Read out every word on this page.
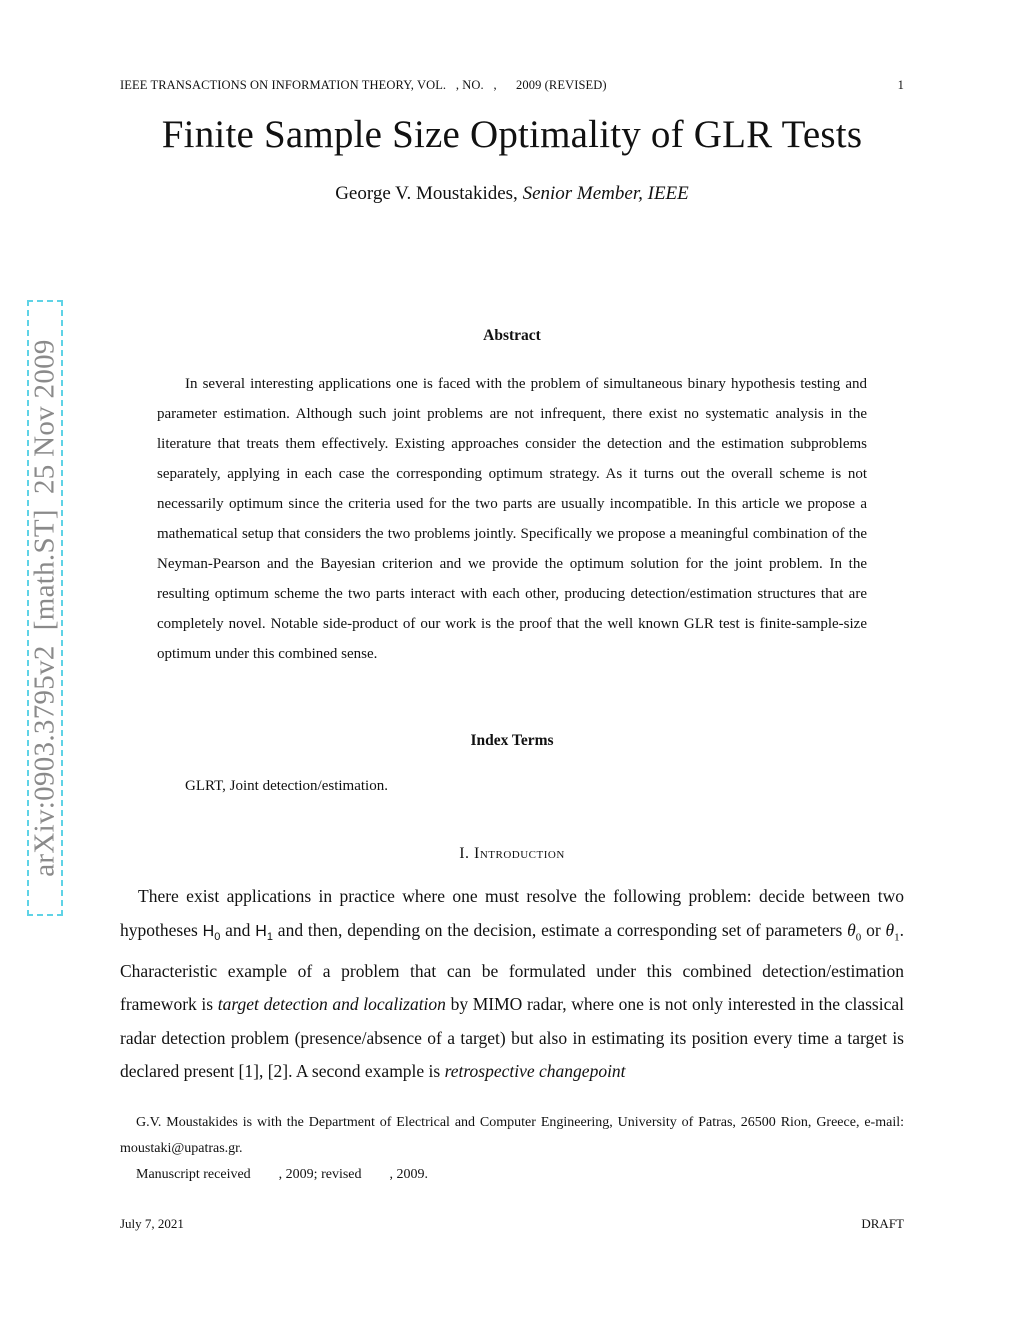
IEEE TRANSACTIONS ON INFORMATION THEORY, VOL.   , NO.   ,      2009 (REVISED)	1
arXiv:0903.3795v2  [math.ST]  25 Nov 2009
Finite Sample Size Optimality of GLR Tests
George V. Moustakides, Senior Member, IEEE
Abstract
In several interesting applications one is faced with the problem of simultaneous binary hypothesis testing and parameter estimation. Although such joint problems are not infrequent, there exist no systematic analysis in the literature that treats them effectively. Existing approaches consider the detection and the estimation subproblems separately, applying in each case the corresponding optimum strategy. As it turns out the overall scheme is not necessarily optimum since the criteria used for the two parts are usually incompatible. In this article we propose a mathematical setup that considers the two problems jointly. Specifically we propose a meaningful combination of the Neyman-Pearson and the Bayesian criterion and we provide the optimum solution for the joint problem. In the resulting optimum scheme the two parts interact with each other, producing detection/estimation structures that are completely novel. Notable side-product of our work is the proof that the well known GLR test is finite-sample-size optimum under this combined sense.
Index Terms
GLRT, Joint detection/estimation.
I. Introduction
There exist applications in practice where one must resolve the following problem: decide between two hypotheses $H_0$ and $H_1$ and then, depending on the decision, estimate a corresponding set of parameters $\theta_0$ or $\theta_1$. Characteristic example of a problem that can be formulated under this combined detection/estimation framework is target detection and localization by MIMO radar, where one is not only interested in the classical radar detection problem (presence/absence of a target) but also in estimating its position every time a target is declared present [1], [2]. A second example is retrospective changepoint

G.V. Moustakides is with the Department of Electrical and Computer Engineering, University of Patras, 26500 Rion, Greece, e-mail: moustaki@upatras.gr.

Manuscript received        , 2009; revised        , 2009.

July 7, 2021	DRAFT
